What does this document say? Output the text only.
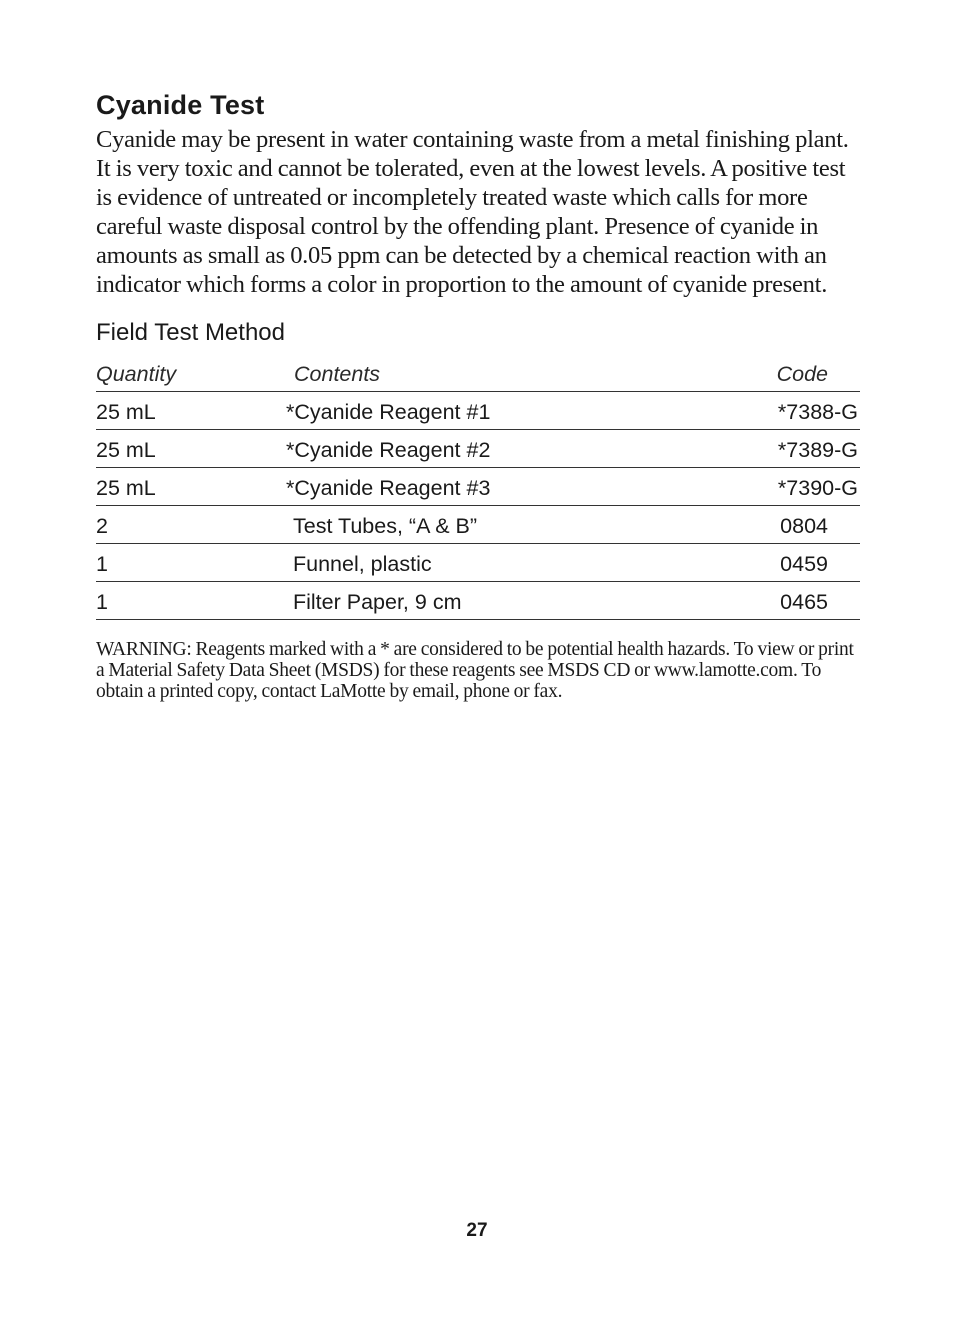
Cyanide Test

Cyanide may be present in water containing waste from a metal finishing plant. It is very toxic and cannot be tolerated, even at the lowest levels. A positive test is evidence of untreated or incompletely treated waste which calls for more careful waste disposal control by the offending plant. Presence of cyanide in amounts as small as 0.05 ppm can be detected by a chemical reaction with an indicator which forms a color in proportion to the amount of cyanide present.

Field Test Method
Quantity	Contents	Code
25 mL	*Cyanide Reagent #1	*7388-G
25 mL	*Cyanide Reagent #2	*7389-G
25 mL	*Cyanide Reagent #3	*7390-G
2	Test Tubes, “A & B”	0804
1	Funnel, plastic	0459
1	Filter Paper, 9 cm	0465

WARNING: Reagents marked with a * are considered to be potential health hazards. To view or print a Material Safety Data Sheet (MSDS) for these reagents see MSDS CD or www.lamotte.com. To obtain a printed copy, contact LaMotte by email, phone or fax.

27
